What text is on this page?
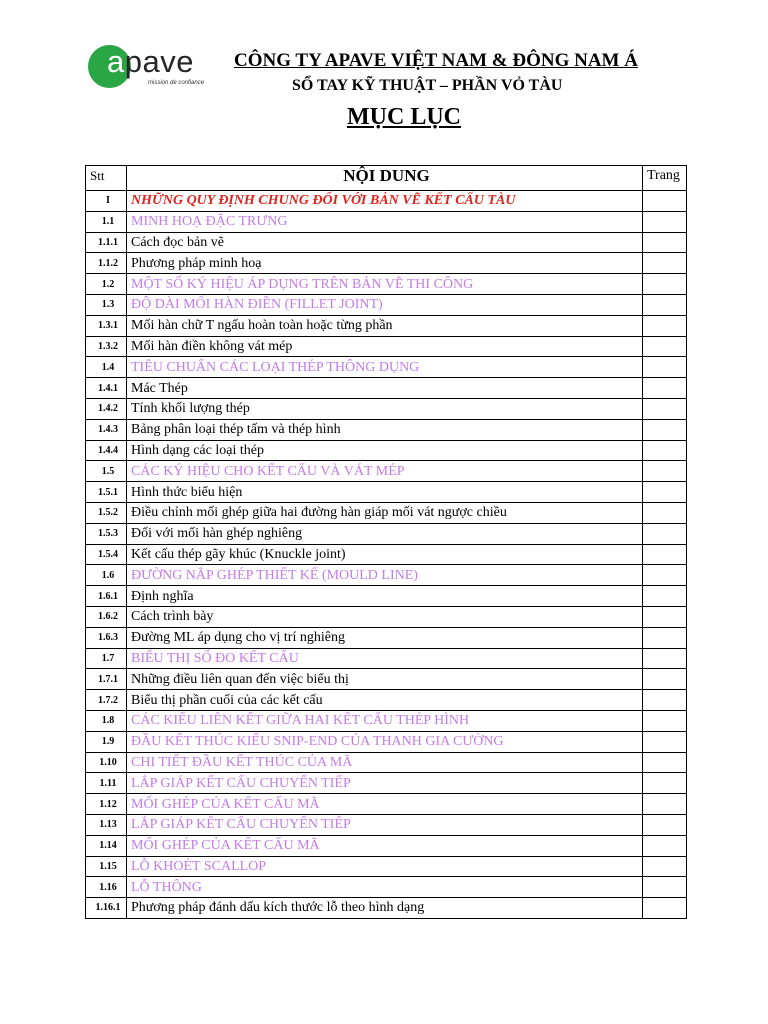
apave
mission de confiance
CÔNG TY APAVE VIỆT NAM & ĐÔNG NAM Á
SỔ TAY KỸ THUẬT – PHẦN VỎ TÀU
MỤC LỤC
Stt	NỘI DUNG	Trang
I	NHỮNG QUY ĐỊNH CHUNG ĐỐI VỚI BẢN VẼ KẾT CẤU TÀU	
1.1	MINH HOẠ ĐẶC TRƯNG	
1.1.1	Cách đọc bản vẽ	
1.1.2	Phương pháp minh hoạ	
1.2	MỘT SỐ KÝ HIỆU ÁP DỤNG TRÊN BẢN VẼ THI CÔNG	
1.3	ĐỘ DÀI MỐI HÀN ĐIỀN (FILLET JOINT)	
1.3.1	Mối hàn chữ T ngấu hoàn toàn hoặc từng phần	
1.3.2	Mối hàn điền không vát mép	
1.4	TIÊU CHUẨN CÁC LOẠI THÉP THÔNG DỤNG	
1.4.1	Mác Thép	
1.4.2	Tính khối lượng thép	
1.4.3	Bảng phân loại thép tấm và thép hình	
1.4.4	Hình dạng các loại thép	
1.5	CÁC KÝ HIỆU CHO KẾT CẤU VÀ VÁT MÉP	
1.5.1	Hình thức biểu hiện	
1.5.2	Điều chỉnh mối ghép giữa hai đường hàn giáp mối vát ngược chiều	
1.5.3	Đối với mối hàn ghép nghiêng	
1.5.4	Kết cấu thép gãy khúc (Knuckle joint)	
1.6	ĐƯỜNG NẮP GHÉP THIẾT KẾ (MOULD LINE)	
1.6.1	Định nghĩa	
1.6.2	Cách trình bày	
1.6.3	Đường ML áp dụng cho vị trí nghiêng	
1.7	BIỂU THỊ SỐ ĐO KẾT CẤU	
1.7.1	Những điều liên quan đến việc biểu thị	
1.7.2	Biểu thị phần cuối của các kết cấu	
1.8	CÁC KIỂU LIÊN KẾT GIỮA HAI KẾT CẤU THÉP HÌNH	
1.9	ĐẦU KẾT THÚC KIỂU SNIP-END CỦA THANH GIA CƯỜNG	
1.10	CHI TIẾT ĐẦU KẾT THÚC CỦA MÃ	
1.11	LẮP GIÁP KẾT CẤU CHUYỂN TIẾP	
1.12	MỐI GHÉP CỦA KẾT CẤU MÃ	
1.13	LẮP GIÁP KẾT CẤU CHUYỂN TIẾP	
1.14	MỐI GHÉP CỦA KẾT CẤU MÃ	
1.15	LỖ KHOÉT SCALLOP	
1.16	LỖ THÔNG	
1.16.1	Phương pháp đánh dấu kích thước lỗ theo hình dạng	
